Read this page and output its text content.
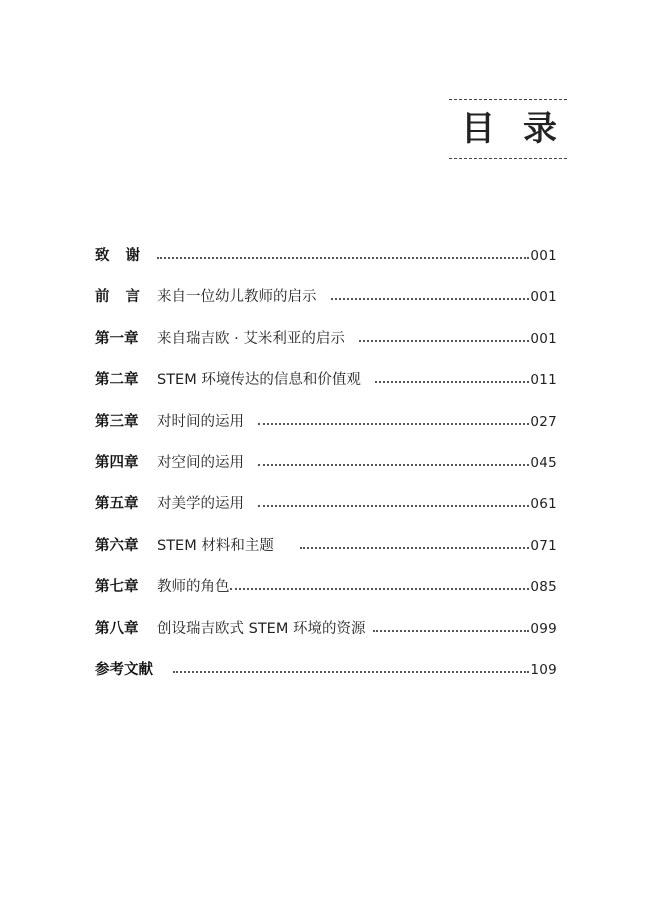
目 录
致谢	001
前言 来自一位幼儿教师的启示	001
第一章	来自瑞吉欧 · 艾米利亚的启示	001
第二章	STEM 环境传达的信息和价值观	011
第三章	对时间的运用	027
第四章	对空间的运用	045
第五章	对美学的运用	061
第六章	STEM 材料和主题	071
第七章	教师的角色	085
第八章	创设瑞吉欧式 STEM 环境的资源	099
参考文献	109
